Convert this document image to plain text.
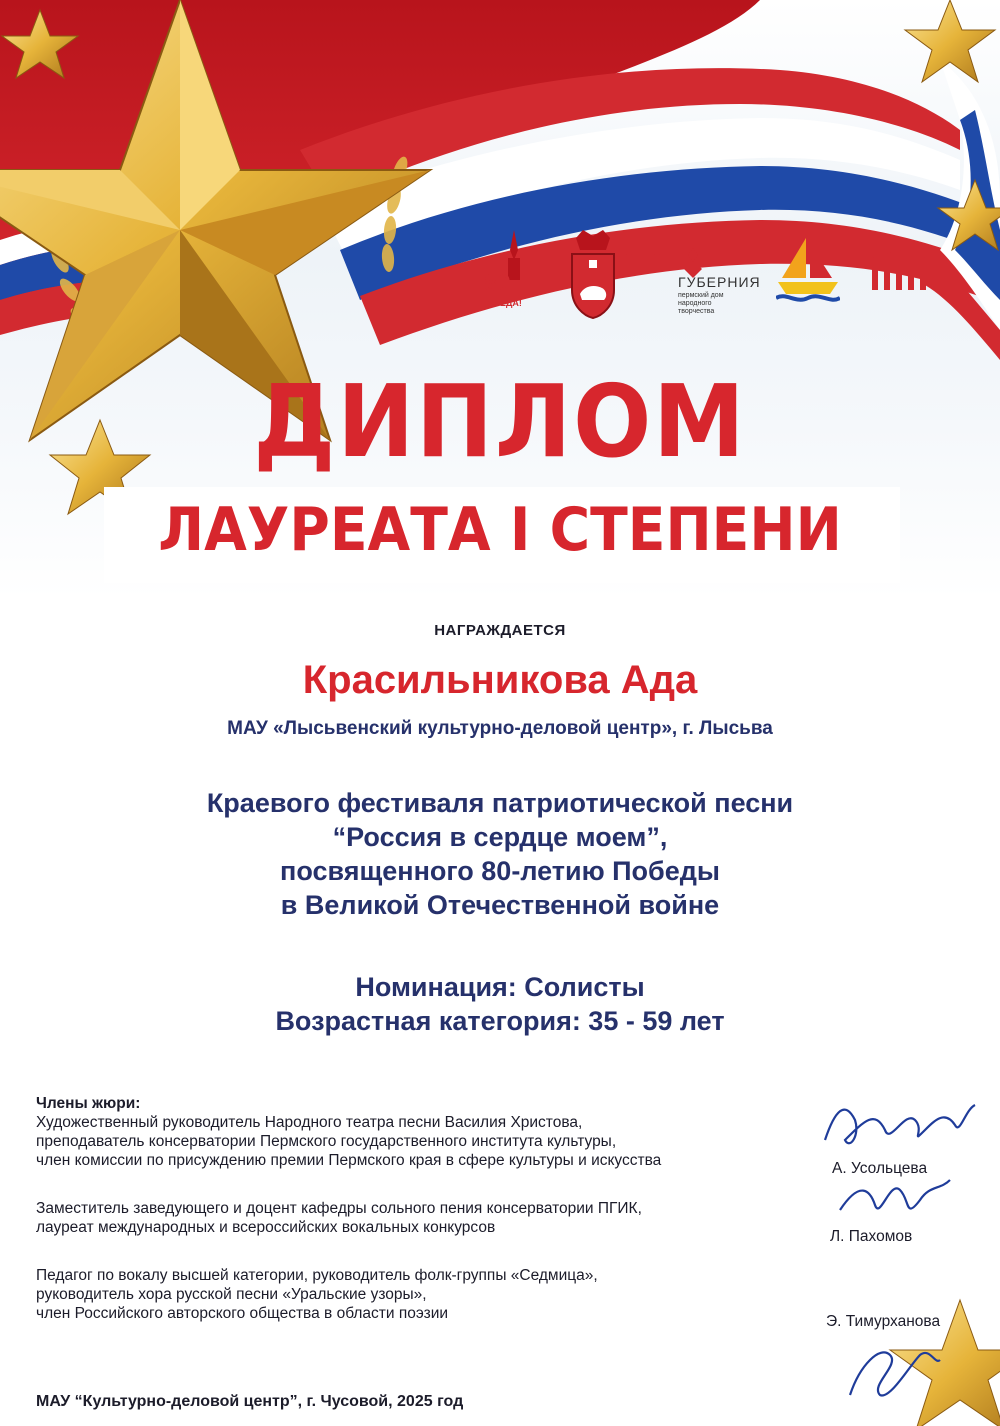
80
ПОБЕДА!
ГУБЕРНИЯ
пермский дом
народного
творчества
ДИПЛОМ
ЛАУРЕАТА I СТЕПЕНИ
НАГРАЖДАЕТСЯ
Красильникова Ада
МАУ «Лысьвенский культурно-деловой центр», г. Лысьва
Краевого фестиваля патриотической песни
“Россия в сердце моем”,
посвященного 80-летию Победы
в Великой Отечественной войне
Номинация: Солисты
Возрастная категория: 35 - 59 лет
Члены жюри:
Художественный руководитель Народного театра песни Василия Христова,
преподаватель консерватории Пермского государственного института культуры,
член комиссии по присуждению премии Пермского края в сфере культуры и искусства
Заместитель заведующего и доцент кафедры сольного пения консерватории ПГИК,
лауреат международных и всероссийских вокальных конкурсов
Педагог по вокалу высшей категории, руководитель фолк-группы «Седмица»,
руководитель хора русской песни «Уральские узоры»,
член Российского авторского общества в области поэзии
А. Усольцева
Л. Пахомов
Э. Тимурханова
МАУ “Культурно-деловой центр”, г. Чусовой, 2025 год
